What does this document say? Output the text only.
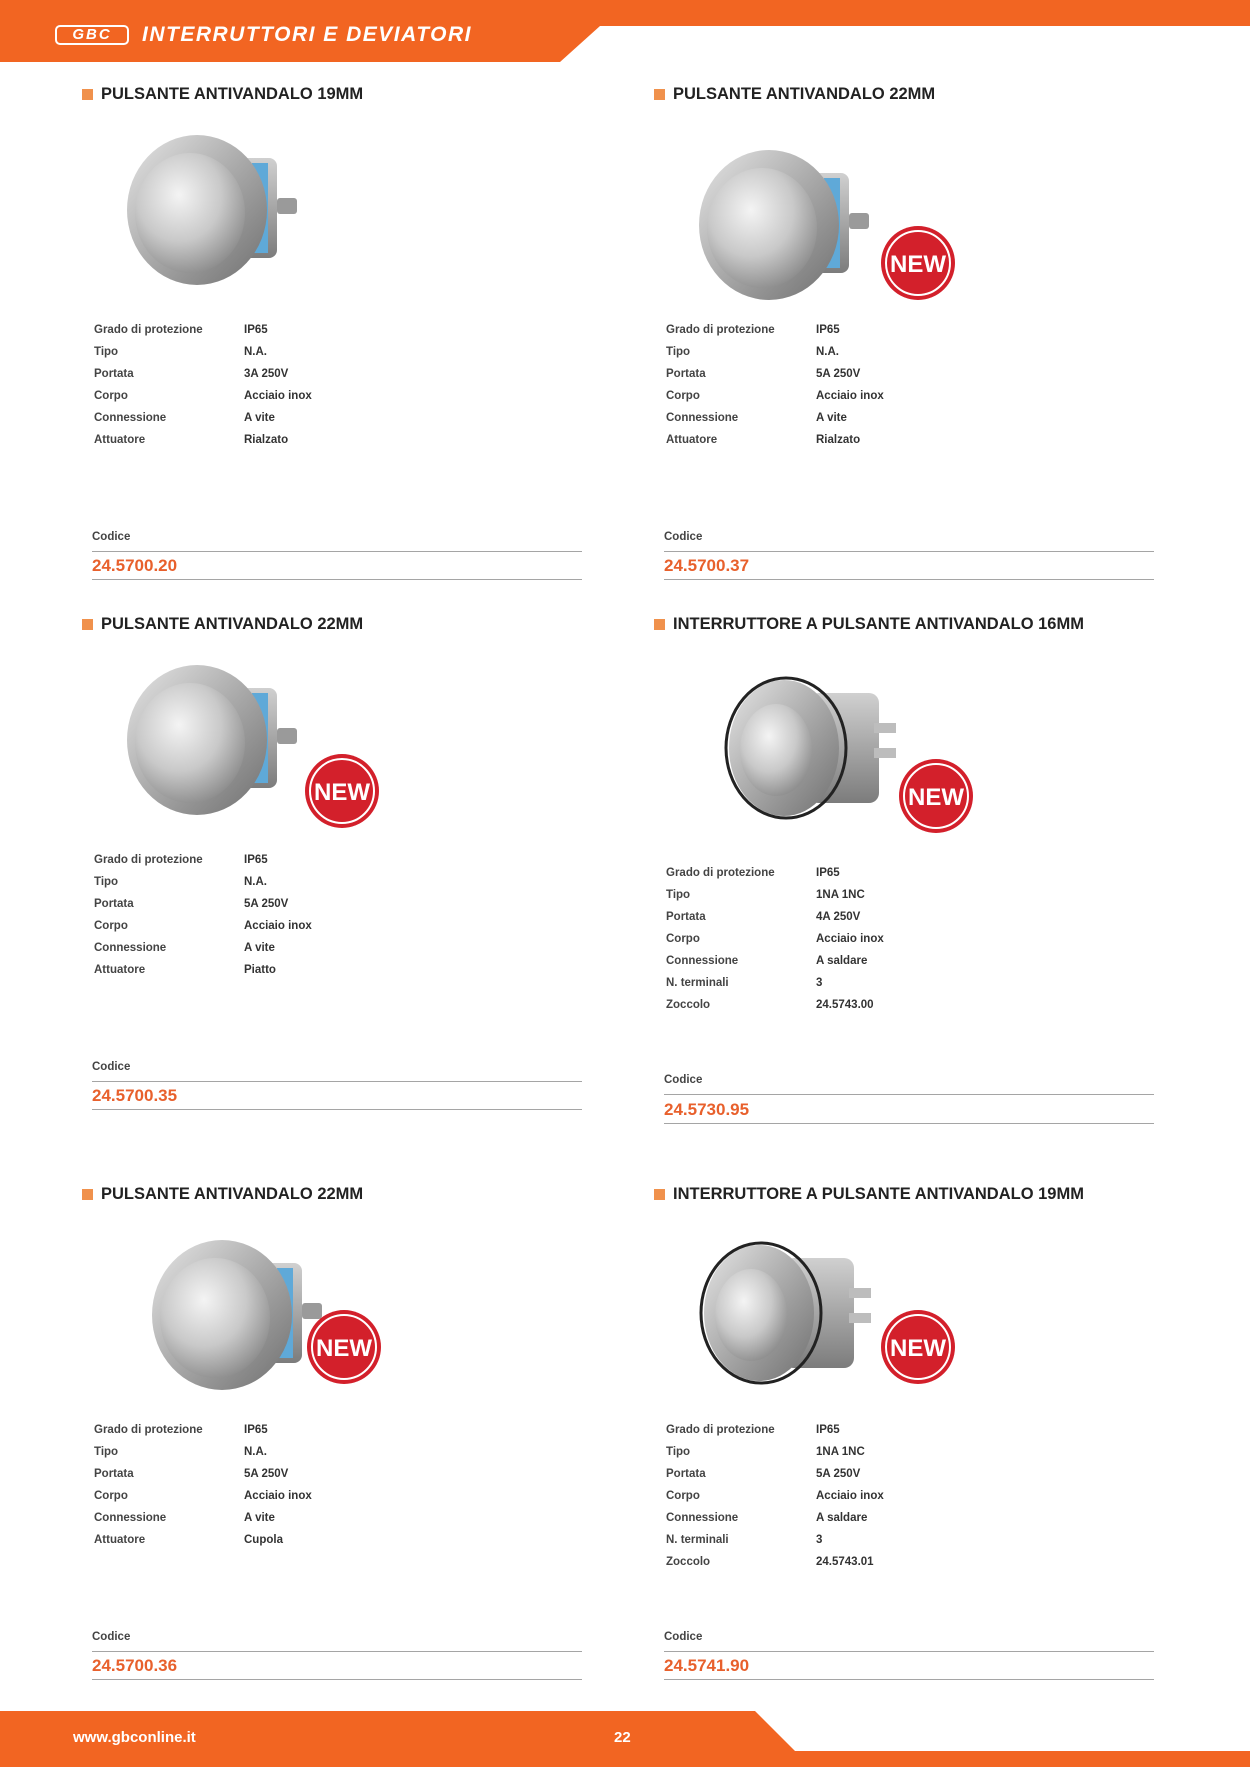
GBC	INTERRUTTORI E DEVIATORI
PULSANTE ANTIVANDALO 19MM
Grado di protezione	IP65
Tipo	N.A.
Portata	3A 250V
Corpo	Acciaio inox
Connessione	A vite
Attuatore	Rialzato
Codice
24.5700.20
PULSANTE ANTIVANDALO 22MM
NEW
Grado di protezione	IP65
Tipo	N.A.
Portata	5A 250V
Corpo	Acciaio inox
Connessione	A vite
Attuatore	Rialzato
Codice
24.5700.37
PULSANTE ANTIVANDALO 22MM
NEW
Grado di protezione	IP65
Tipo	N.A.
Portata	5A 250V
Corpo	Acciaio inox
Connessione	A vite
Attuatore	Piatto
Codice
24.5700.35
INTERRUTTORE A PULSANTE ANTIVANDALO 16MM
NEW
Grado di protezione	IP65
Tipo	1NA 1NC
Portata	4A 250V
Corpo	Acciaio inox
Connessione	A saldare
N. terminali	3
Zoccolo	24.5743.00
Codice
24.5730.95
PULSANTE ANTIVANDALO 22MM
NEW
Grado di protezione	IP65
Tipo	N.A.
Portata	5A 250V
Corpo	Acciaio inox
Connessione	A vite
Attuatore	Cupola
Codice
24.5700.36
INTERRUTTORE A PULSANTE ANTIVANDALO 19MM
NEW
Grado di protezione	IP65
Tipo	1NA 1NC
Portata	5A 250V
Corpo	Acciaio inox
Connessione	A saldare
N. terminali	3
Zoccolo	24.5743.01
Codice
24.5741.90
www.gbconline.it	22
